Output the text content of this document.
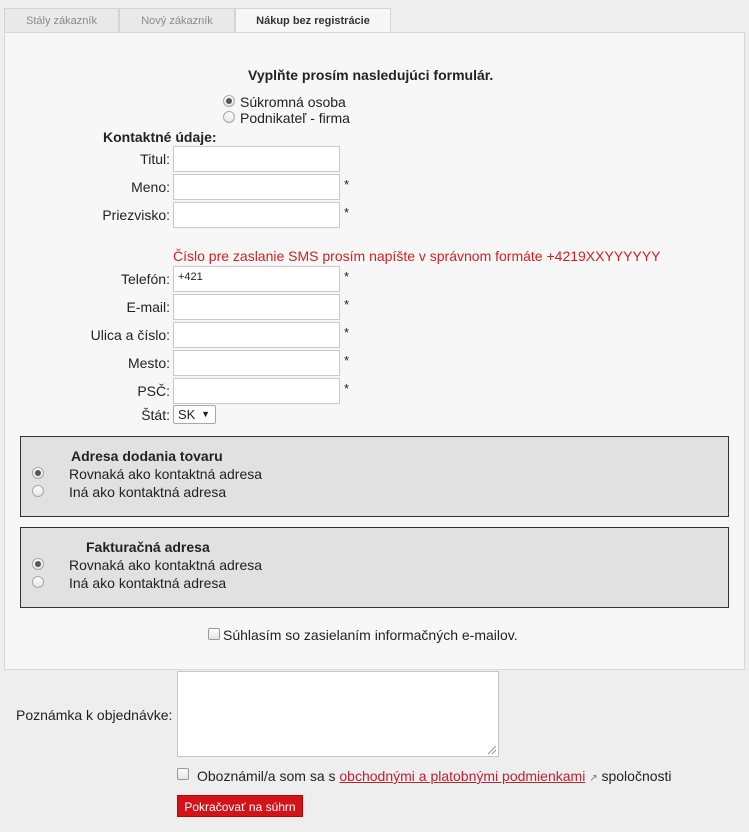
Stály zákazník	Nový zákazník	Nákup bez registrácie
Vyplňte prosím nasledujúci formulár.
Súkromná osoba
Podnikateľ - firma
Kontaktné údaje:
Titul:
Meno:	*
Priezvisko:	*
Číslo pre zaslanie SMS prosím napíšte v správnom formáte +4219XXYYYYYY
Telefón: +421	*
E-mail:	*
Ulica a číslo:	*
Mesto:	*
PSČ:	*
Štát: SK ▼
Adresa dodania tovaru
Rovnaká ako kontaktná adresa
Iná ako kontaktná adresa
Fakturačná adresa
Rovnaká ako kontaktná adresa
Iná ako kontaktná adresa
Súhlasím so zasielaním informačných e-mailov.
Poznámka k objednávke:
Oboznámil/a som sa s obchodnými a platobnými podmienkami ↗ spoločnosti
Pokračovať na súhrn
